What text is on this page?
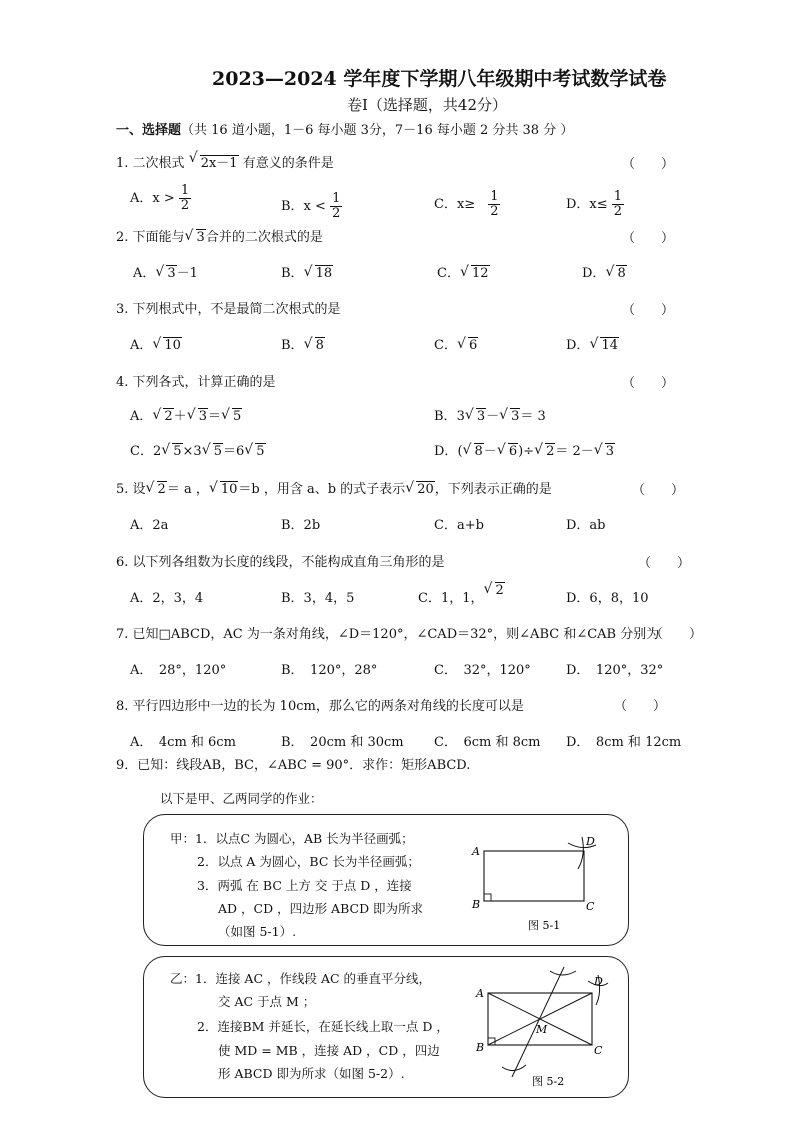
2023—2024 学年度下学期八年级期中考试数学试卷
卷Ⅰ（选择题，共42分）
一、选择题（共 16 道小题，1－6 每小题 3分，7－16 每小题 2 分共 38 分 ）
1. 二次根式 √ 2x－1 有意义的条件是	（　　）
A．$x > \frac{1}{2}$	B．$x < \frac{1}{2}$	C．x≥　 $\frac{1}{2}$	D．$x\le \frac{1}{2}$
2. 下面能与 √ 3合并的二次根式的是	（　　）
A． √ 3－1	B． √ 18	C． √ 12	D． √ 8
3. 下列根式中，不是最简二次根式的是	（　　）
A． √ 10	B． √ 8	C． √ 6	D． √ 14
4. 下列各式，计算正确的是	（　　）
A． √ 2＋ √ 3＝ √ 5	B．3 √ 3－ √ 3＝ 3
C．2 √ 5×3 √ 5＝6 √ 5	D．( √ 8－ √ 6)÷ √ 2＝ 2－ √ 3
5. 设 √ 2＝ a ， √ 10＝b ，用含 a、b 的式子表示 √ 20，下列表示正确的是	（　　）
A．2a	B．2b	C．a+b	D．ab
6. 以下列各组数为长度的线段，不能构成直角三角形的是	（　　）
A．2，3，4	B．3，4，5	C．1，1，√ 2
D．6，8，10
7. 已知□ABCD，AC 为一条对角线，∠D＝120°，∠CAD＝32°，则∠ABC 和∠CAB 分别为
（　　）
A．　28°，120°	B．　120°，28°	C．　32°，120°	D．　120°，32°
8. 平行四边形中一边的长为 10cm，那么它的两条对角线的长度可以是	（　　）
A．　4cm 和 6cm	B．　20cm 和 30cm C．　6cm 和 8cm D．　8cm 和 12cm
9．已知：线段AB，BC，∠ABC = 90°．求作：矩形ABCD.
以下是甲、乙两同学的作业：
甲：1．以点C 为圆心，AB 长为半径画弧；
2．以点 A 为圆心，BC 长为半径画弧；
3．两弧 在 BC 上方 交 于点 D ，连接
AD ，CD ，四边形 ABCD 即为所求
（如图 5-1）.
A
B	C
D
图 5-1
乙：1．连接 AC ，作线段 AC 的垂直平分线，
交 AC 于点 M ；
2．连接BM 并延长，在延长线上取一点 D ，
使 MD = MB ，连接 AD ，CD ，四边
形 ABCD 即为所求（如图 5-2）.
A
B	C
D
M
图 5-2
